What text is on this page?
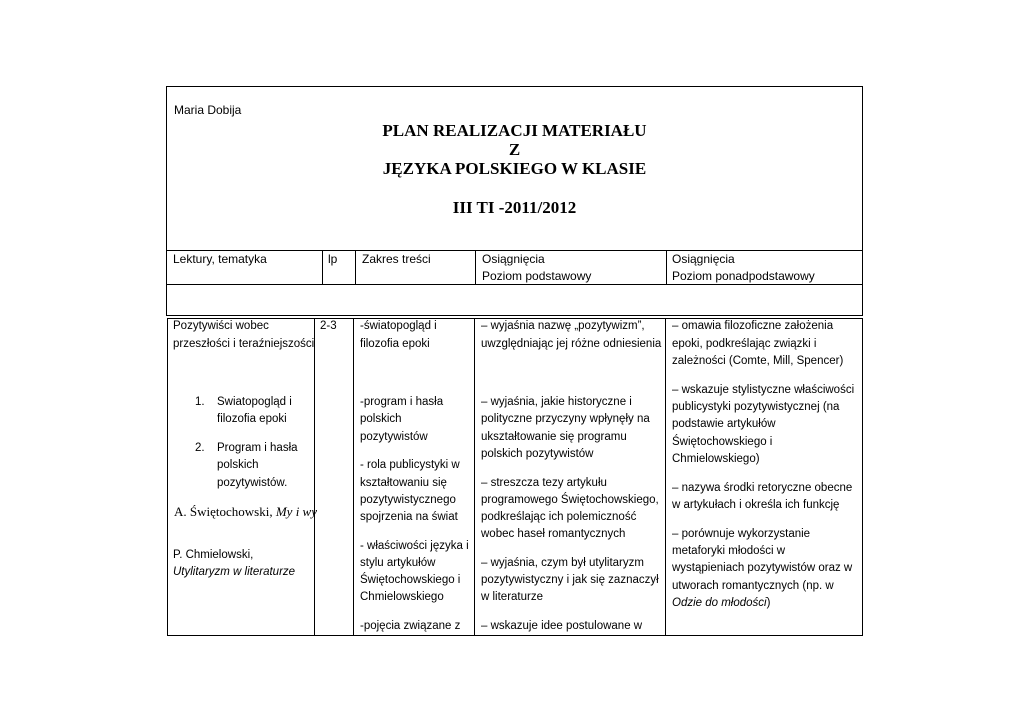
Maria Dobija
PLAN REALIZACJI MATERIAŁU
Z
JĘZYKA POLSKIEGO W KLASIE
III TI -2011/2012
Lektury, tematyka	lp Zakres treści	Osiągnięcia
Poziom podstawowy
Osiągnięcia
Poziom ponadpodstawowy
Pozytywiści wobec
przeszłości i teraźniejszości
1. Swiatopogląd i
filozofia epoki
2. Program i hasła
polskich
pozytywistów.
A. Świętochowski, My i wy
P. Chmielowski,
Utylitaryzm w literaturze
2-3 -światopogląd i
filozofia epoki
-program i hasła
polskich
pozytywistów
- rola publicystyki w
kształtowaniu się
pozytywistycznego
spojrzenia na świat
- właściwości języka i
stylu artykułów
Świętochowskiego i
Chmielowskiego
-pojęcia związane z
– wyjaśnia nazwę „pozytywizm”,
uwzględniając jej różne odniesienia
– wyjaśnia, jakie historyczne i
polityczne przyczyny wpłynęły na
ukształtowanie się programu
polskich pozytywistów
– streszcza tezy artykułu
programowego Świętochowskiego,
podkreślając ich polemiczność
wobec haseł romantycznych
– wyjaśnia, czym był utylitaryzm
pozytywistyczny i jak się zaznaczył
w literaturze
– wskazuje idee postulowane w
– omawia filozoficzne założenia
epoki, podkreślając związki i
zależności (Comte, Mill, Spencer)
– wskazuje stylistyczne właściwości
publicystyki pozytywistycznej (na
podstawie artykułów
Świętochowskiego i
Chmielowskiego)
– nazywa środki retoryczne obecne
w artykułach i określa ich funkcję
– porównuje wykorzystanie
metaforyki młodości w
wystąpieniach pozytywistów oraz w
utworach romantycznych (np. w
Odzie do młodości)
